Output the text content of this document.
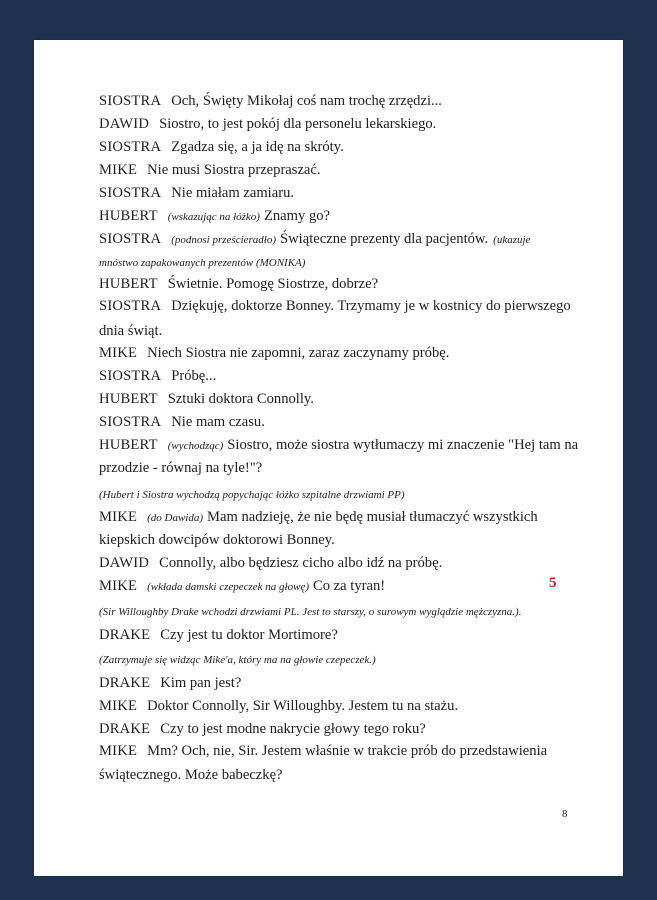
SIOSTRA Och, Święty Mikołaj coś nam trochę zrzędzi...
DAWID Siostro, to jest pokój dla personelu lekarskiego.
SIOSTRA Zgadza się, a ja idę na skróty.
MIKE Nie musi Siostra przepraszać.
SIOSTRA Nie miałam zamiaru.
HUBERT (wskazując na łóżko) Znamy go?
SIOSTRA (podnosi prześcieradło) Świąteczne prezenty dla pacjentów. (ukazuje
mnóstwo zapakowanych prezentów (MONIKA)
HUBERT Świetnie. Pomogę Siostrze, dobrze?
SIOSTRA Dziękuję, doktorze Bonney. Trzymamy je w kostnicy do pierwszego
dnia świąt.
MIKE Niech Siostra nie zapomni, zaraz zaczynamy próbę.
SIOSTRA Próbę...
HUBERT Sztuki doktora Connolly.
SIOSTRA Nie mam czasu.
HUBERT (wychodząc) Siostro, może siostra wytłumaczy mi znaczenie "Hej tam na
przodzie - równaj na tyle!"?
(Hubert i Siostra wychodzą popychając łóżko szpitalne drzwiami PP)
MIKE (do Dawida) Mam nadzieję, że nie będę musiał tłumaczyć wszystkich
kiepskich dowcipów doktorowi Bonney.
DAWID Connolly, albo będziesz cicho albo idź na próbę.
MIKE (wkłada damski czepeczek na głowę) Co za tyran!
(Sir Willoughby Drake wchodzi drzwiami PL. Jest to starszy, o surowym wyglądzie mężczyzna.).
DRAKE Czy jest tu doktor Mortimore?
(Zatrzymuje się widząc Mike'a, który ma na głowie czepeczek.)
DRAKE Kim pan jest?
MIKE Doktor Connolly, Sir Willoughby. Jestem tu na stażu.
DRAKE Czy to jest modne nakrycie głowy tego roku?
MIKE Mm? Och, nie, Sir. Jestem właśnie w trakcie prób do przedstawienia
świątecznego. Może babeczkę?
5
8
